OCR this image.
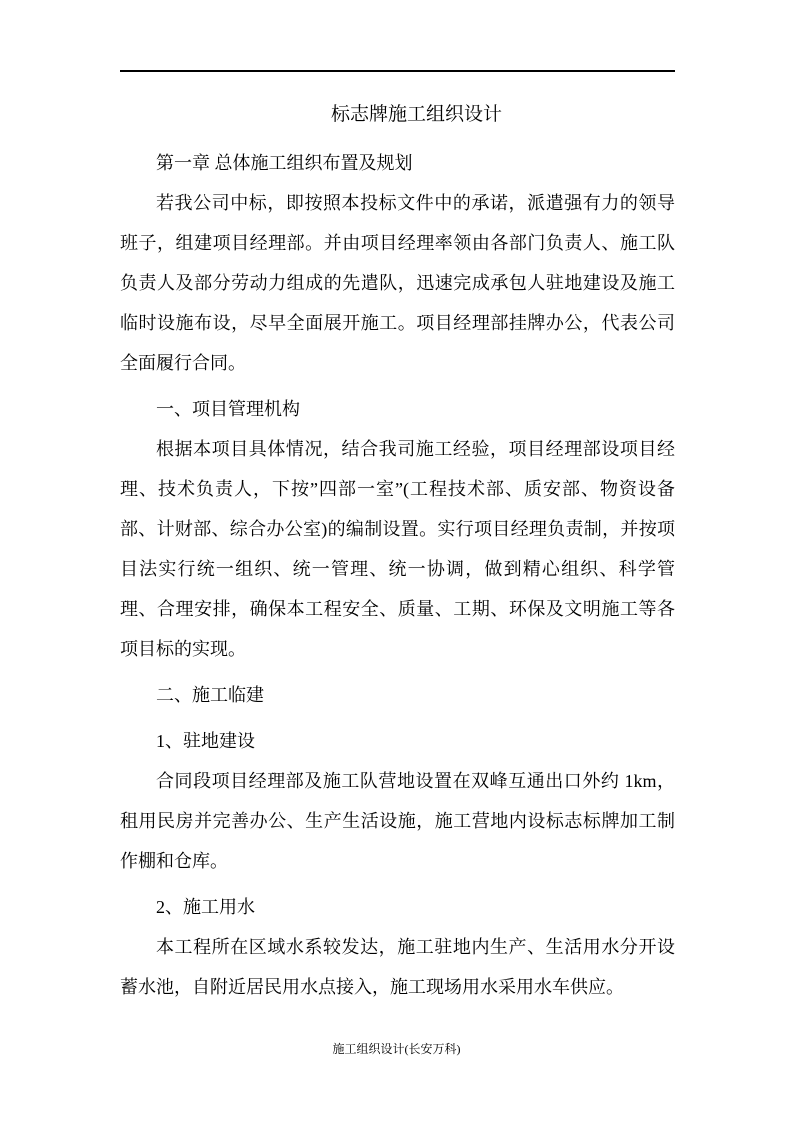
标志牌施工组织设计
第一章 总体施工组织布置及规划

若我公司中标，即按照本投标文件中的承诺，派遣强有力的领导班子，组建项目经理部。并由项目经理率领由各部门负责人、施工队负责人及部分劳动力组成的先遣队，迅速完成承包人驻地建设及施工临时设施布设，尽早全面展开施工。项目经理部挂牌办公，代表公司全面履行合同。

一、项目管理机构

根据本项目具体情况，结合我司施工经验，项目经理部设项目经理、技术负责人，下按”四部一室”(工程技术部、质安部、物资设备部、计财部、综合办公室)的编制设置。实行项目经理负责制，并按项目法实行统一组织、统一管理、统一协调，做到精心组织、科学管理、合理安排，确保本工程安全、质量、工期、环保及文明施工等各项目标的实现。

二、施工临建

1、驻地建设

合同段项目经理部及施工队营地设置在双峰互通出口外约 1km，租用民房并完善办公、生产生活设施，施工营地内设标志标牌加工制作棚和仓库。

2、施工用水

本工程所在区域水系较发达，施工驻地内生产、生活用水分开设蓄水池，自附近居民用水点接入，施工现场用水采用水车供应。

施工组织设计(长安万科)
